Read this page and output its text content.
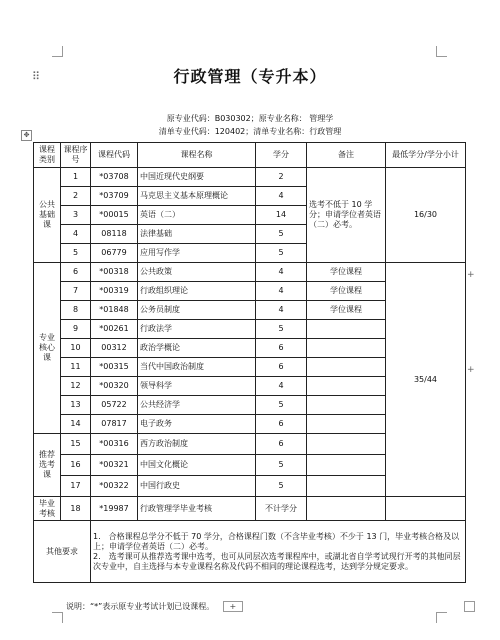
⠿	行政管理（专升本）
原专业代码：B030302；原专业名称： 管理学
清单专业代码：120402；清单专业名称：行政管理
✥
课程类别	课程序号	课程代码	课程名称	学分	备注	最低学分/学分小计
公共基础课	1	*03708	中国近现代史纲要	2	选考不低于 10 学分；申请学位者英语（二）必考。	16/30
	2	*03709	马克思主义基本原理概论	4		
	3	*00015	英语（二）	14		
	4	08118	法律基础	5		
	5	06779	应用写作学	5		
专业核心课	6	*00318	公共政策	4	学位课程	35/44
	7	*00319	行政组织理论	4	学位课程	
	8	*01848	公务员制度	4	学位课程	
	9	*00261	行政法学	5		
	10	00312	政治学概论	6		
	11	*00315	当代中国政治制度	6		
	12	*00320	领导科学	4		
	13	05722	公共经济学	5		
	14	07817	电子政务	6		
推荐选考课	15	*00316	西方政治制度	6		
	16	*00321	中国文化概论	5		
	17	*00322	中国行政史	5		
毕业考核	18	*19987	行政管理学毕业考核	不计学分		
其他要求		1.　合格课程总学分不低于 70 学分，合格课程门数（不含毕业考核）不少于 13 门，毕业考核合格及以上；申请学位者英语（二）必考。
2.　选考课可从推荐选考课中选考，也可从同层次选考课程库中，或湖北省自学考试现行开考的其他同层次专业中，自主选择与本专业课程名称及代码不相同的理论课程选考，达到学分规定要求。				
+
+
说明：“*”表示原专业考试计划已设课程。 +
